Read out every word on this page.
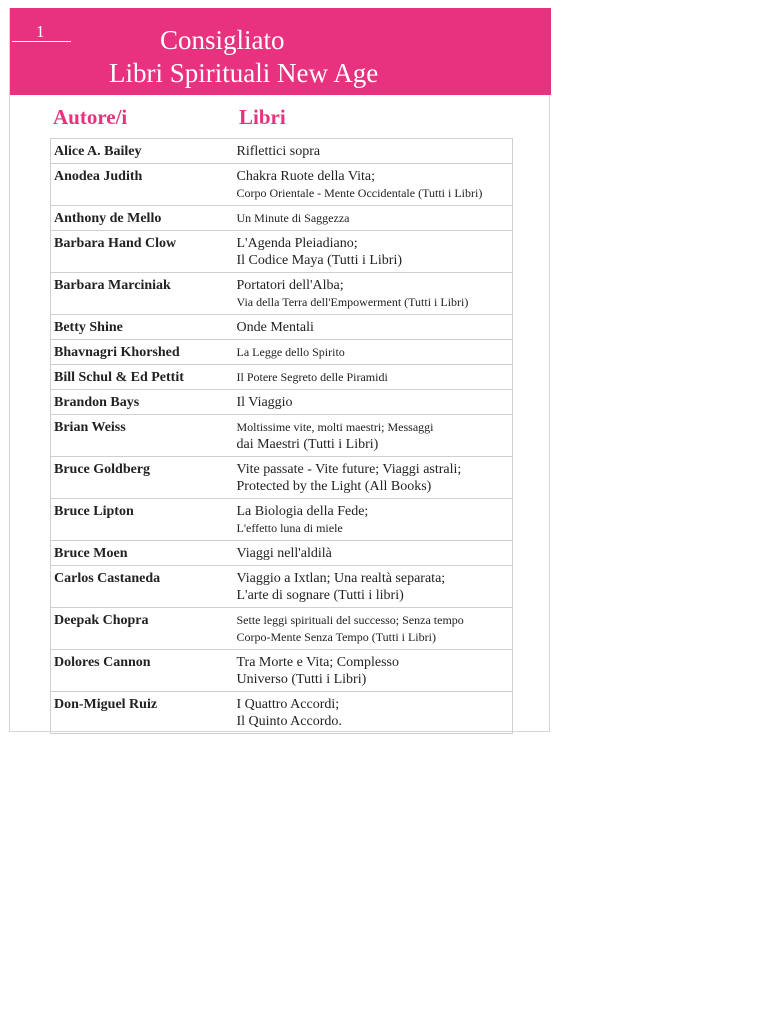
1	Consigliato
Libri Spirituali New Age
Autore/i	Libri
Alice A. Bailey	Riflettici sopra

Anodea Judith	Chakra Ruote della Vita;
Corpo Orientale - Mente Occidentale (Tutti i Libri)

Anthony de Mello	Un Minute di Saggezza

Barbara Hand Clow	L'Agenda Pleiadiano;
Il Codice Maya (Tutti i Libri)

Barbara Marciniak	Portatori dell'Alba;
Via della Terra dell'Empowerment (Tutti i Libri)

Betty Shine	Onde Mentali

Bhavnagri Khorshed	La Legge dello Spirito

Bill Schul & Ed Pettit	Il Potere Segreto delle Piramidi

Brandon Bays	Il Viaggio

Brian Weiss	Moltissime vite, molti maestri; Messaggi
dai Maestri (Tutti i Libri)

Bruce Goldberg	Vite passate - Vite future; Viaggi astrali;
Protected by the Light (All Books)

Bruce Lipton	La Biologia della Fede;
L'effetto luna di miele

Bruce Moen	Viaggi nell'aldilà

Carlos Castaneda	Viaggio a Ixtlan; Una realtà separata;
L'arte di sognare (Tutti i libri)

Deepak Chopra	Sette leggi spirituali del successo; Senza tempo
Corpo-Mente Senza Tempo (Tutti i Libri)

Dolores Cannon	Tra Morte e Vita; Complesso
Universo (Tutti i Libri)

Don-Miguel Ruiz	I Quattro Accordi;
Il Quinto Accordo.
